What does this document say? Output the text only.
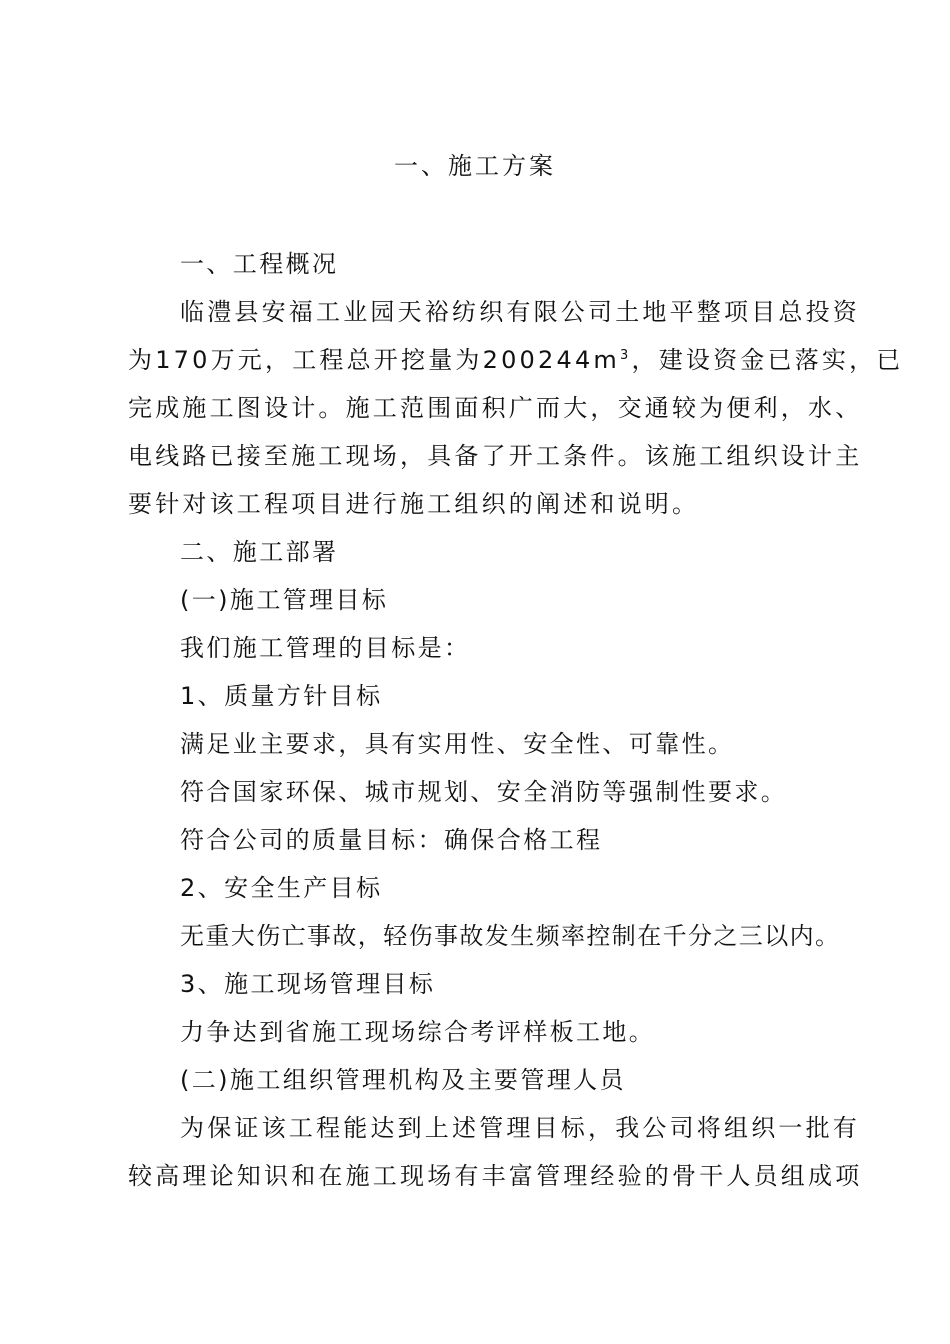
一、施工方案
一、工程概况
临澧县安福工业园天裕纺织有限公司土地平整项目总投资
为170万元，工程总开挖量为$200244m^3$，建设资金已落实，已
完成施工图设计。施工范围面积广而大，交通较为便利，水、
电线路已接至施工现场，具备了开工条件。该施工组织设计主
要针对该工程项目进行施工组织的阐述和说明。
二、施工部署
(一)施工管理目标
我们施工管理的目标是：
1、质量方针目标
满足业主要求，具有实用性、安全性、可靠性。
符合国家环保、城市规划、安全消防等强制性要求。
符合公司的质量目标：确保合格工程
2、安全生产目标
无重大伤亡事故，轻伤事故发生频率控制在千分之三以内。
3、施工现场管理目标
力争达到省施工现场综合考评样板工地。
(二)施工组织管理机构及主要管理人员
为保证该工程能达到上述管理目标，我公司将组织一批有
较高理论知识和在施工现场有丰富管理经验的骨干人员组成项
